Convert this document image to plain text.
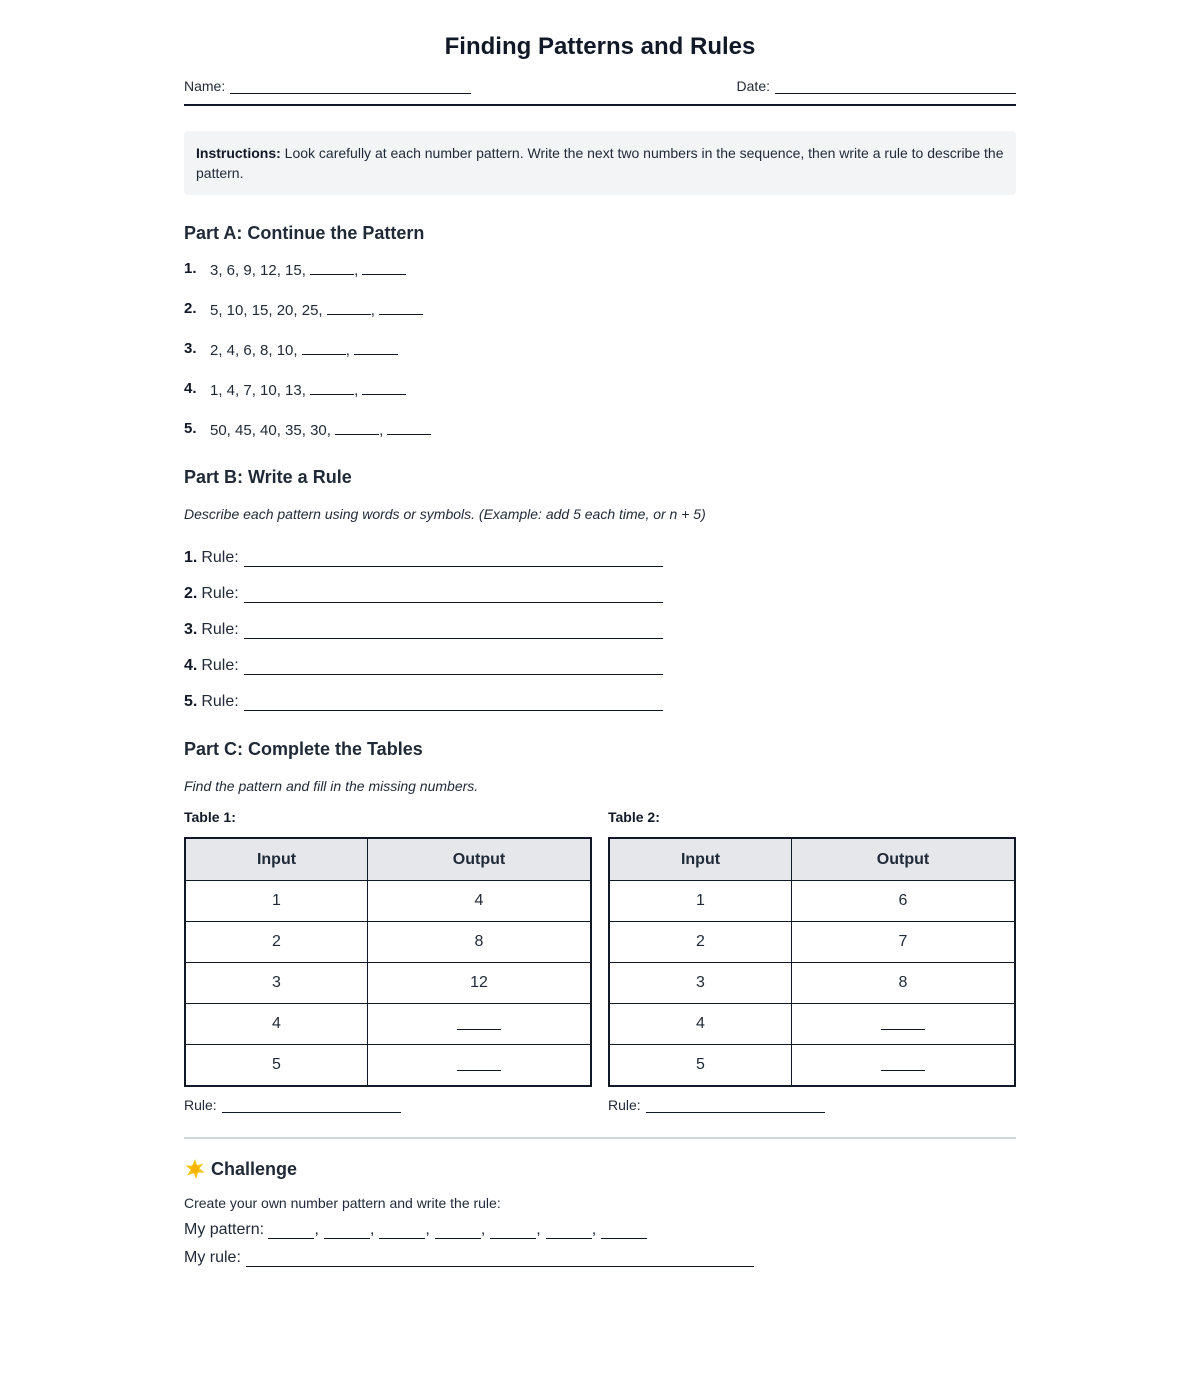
Finding Patterns and Rules
Name:	Date:
Instructions: Look carefully at each number pattern. Write the next two numbers in the sequence, then write a rule to describe the pattern.
Part A: Continue the Pattern
1. 3, 6, 9, 12, 15,	,
2. 5, 10, 15, 20, 25,	,
3. 2, 4, 6, 8, 10,	,
4. 1, 4, 7, 10, 13,	,
5. 50, 45, 40, 35, 30,	,
Part B: Write a Rule
Describe each pattern using words or symbols. (Example: add 5 each time, or n + 5)
1. Rule:
2. Rule:
3. Rule:
4. Rule:
5. Rule:
Part C: Complete the Tables
Find the pattern and fill in the missing numbers.
Table 1:
Input	Output
1	4
2	8
3	12
4	
5	
Rule:
Table 2:
Input	Output
1	6
2	7
3	8
4	
5	
Rule:
Challenge
Create your own number pattern and write the rule:
My pattern:
	,	,	,	,	,	,
My rule:
